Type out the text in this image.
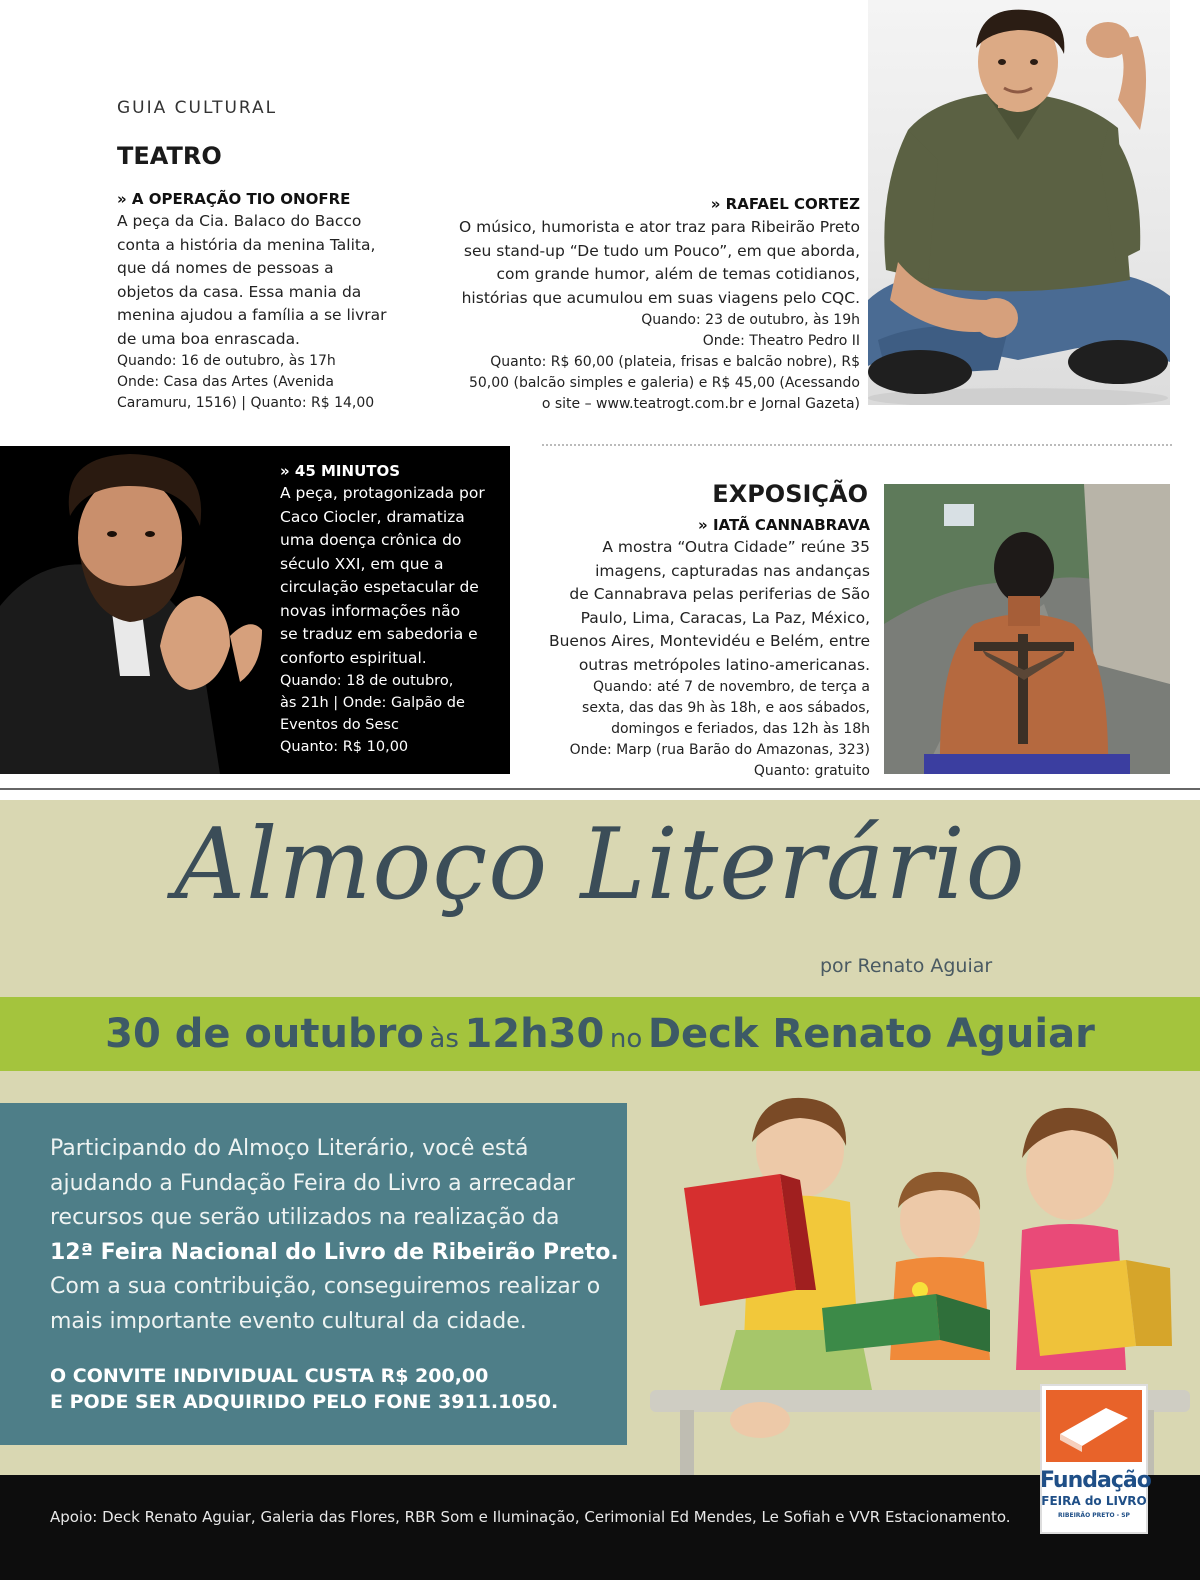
GUIA CULTURAL
TEATRO
» A OPERAÇÃO TIO ONOFRE
A peça da Cia. Balaco do Bacco
conta a história da menina Talita,
que dá nomes de pessoas a
objetos da casa. Essa mania da
menina ajudou a família a se livrar
de uma boa enrascada.
Quando: 16 de outubro, às 17h
Onde: Casa das Artes (Avenida
Caramuru, 1516) | Quanto: R$ 14,00
» RAFAEL CORTEZ
O músico, humorista e ator traz para Ribeirão Preto
seu stand-up “De tudo um Pouco”, em que aborda,
com grande humor, além de temas cotidianos,
histórias que acumulou em suas viagens pelo CQC.
Quando: 23 de outubro, às 19h
Onde: Theatro Pedro II
Quanto: R$ 60,00 (plateia, frisas e balcão nobre), R$
50,00 (balcão simples e galeria) e R$ 45,00 (Acessando
o site – www.teatrogt.com.br e Jornal Gazeta)
» 45 MINUTOS
A peça, protagonizada por
Caco Ciocler, dramatiza
uma doença crônica do
século XXI, em que a
circulação espetacular de
novas informações não
se traduz em sabedoria e
conforto espiritual.
Quando: 18 de outubro,
às 21h | Onde: Galpão de
Eventos do Sesc
Quanto: R$ 10,00
EXPOSIÇÃO
» IATÃ CANNABRAVA
A mostra “Outra Cidade” reúne 35
imagens, capturadas nas andanças
de Cannabrava pelas periferias de São
Paulo, Lima, Caracas, La Paz, México,
Buenos Aires, Montevidéu e Belém, entre
outras metrópoles latino-americanas.
Quando: até 7 de novembro, de terça a
sexta, das das 9h às 18h, e aos sábados,
domingos e feriados, das 12h às 18h
Onde: Marp (rua Barão do Amazonas, 323)
Quanto: gratuito
Almoço Literário
por Renato Aguiar
30 de outubro às 12h30 no Deck Renato Aguiar
Participando do Almoço Literário, você está
ajudando a Fundação Feira do Livro a arrecadar
recursos que serão utilizados na realização da
12ª Feira Nacional do Livro de Ribeirão Preto.
Com a sua contribuição, conseguiremos realizar o
mais importante evento cultural da cidade.
O CONVITE INDIVIDUAL CUSTA R$ 200,00
E PODE SER ADQUIRIDO PELO FONE 3911.1050.
Apoio: Deck Renato Aguiar, Galeria das Flores, RBR Som e Iluminação, Cerimonial Ed Mendes, Le Sofiah e VVR Estacionamento.
Fundação
FEIRA do LIVRO
RIBEIRÃO PRETO - SP
